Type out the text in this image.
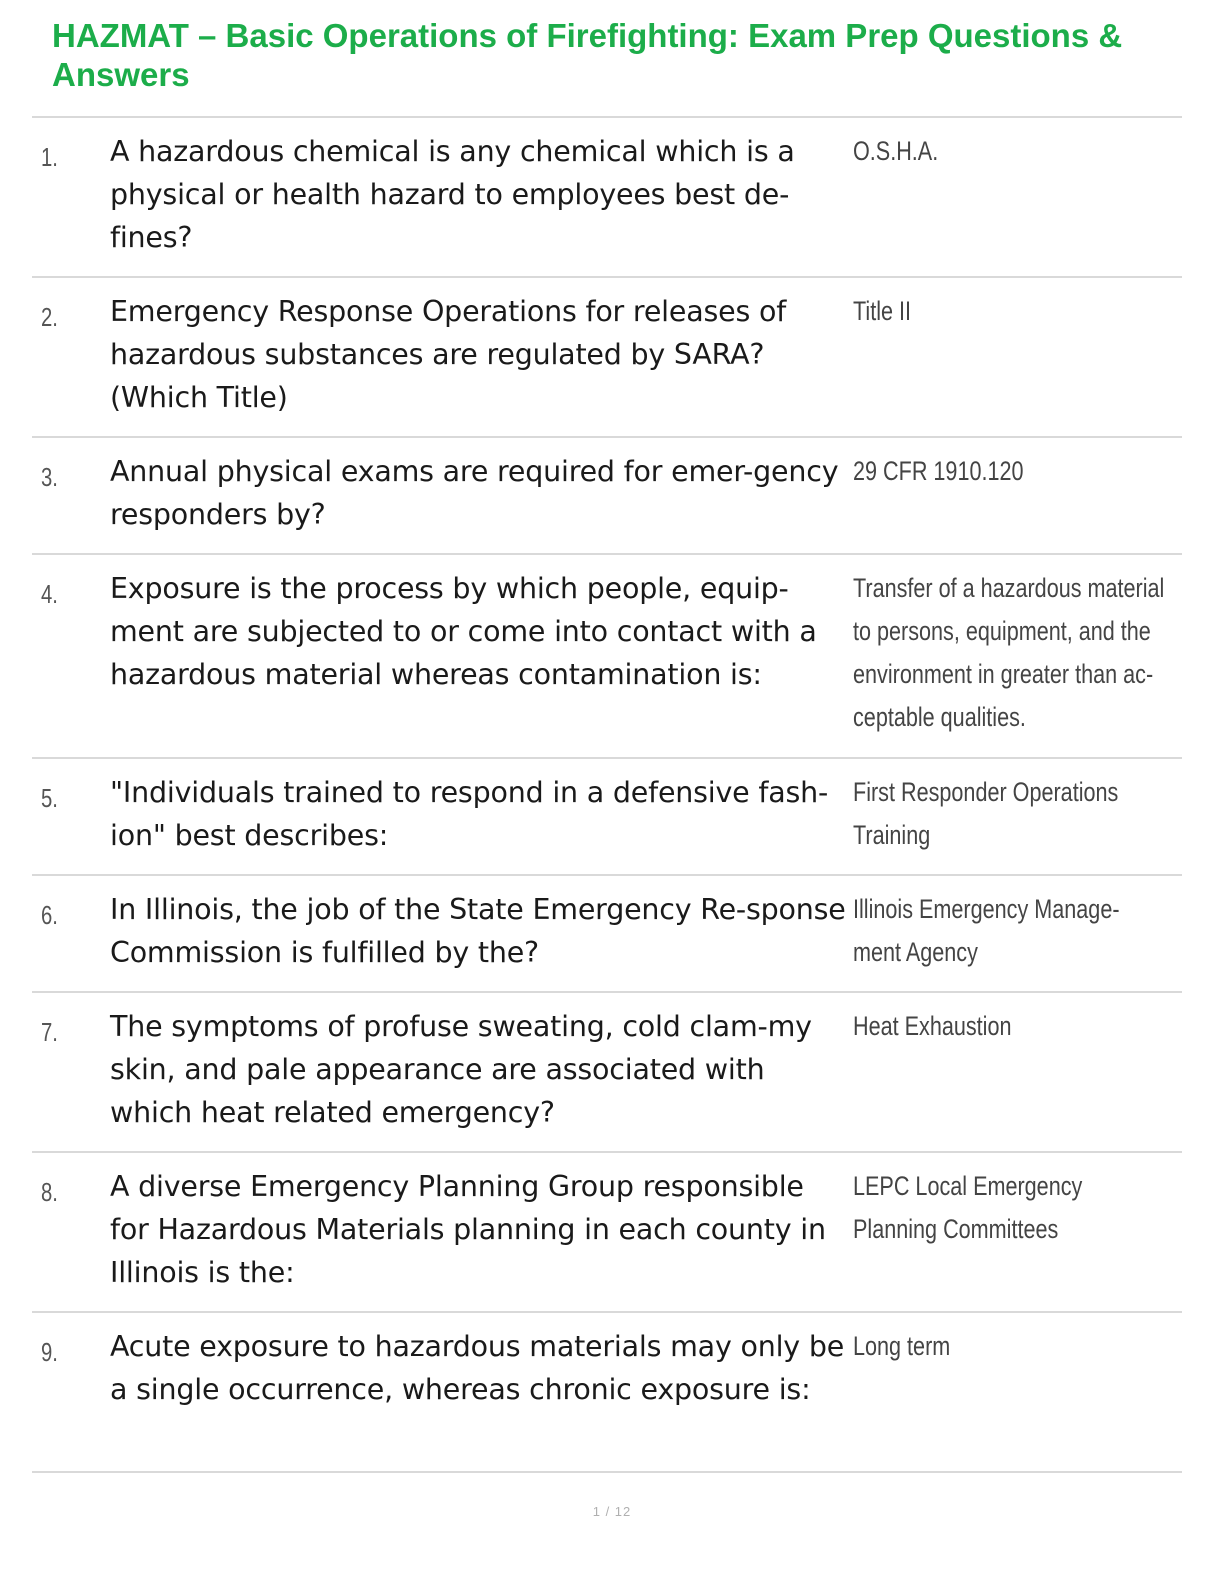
HAZMAT – Basic Operations of Firefighting: Exam Prep Questions & Answers
1. A hazardous chemical is any chemical which is a physical or health hazard to employees best de-fines?
O.S.H.A.
2. Emergency Response Operations for releases of hazardous substances are regulated by SARA? (Which Title)
Title II
3. Annual physical exams are required for emer-gency responders by?
29 CFR 1910.120
4. Exposure is the process by which people, equip-ment are subjected to or come into contact with a hazardous material whereas contamination is:
Transfer of a hazardous material to persons, equipment, and the environment in greater than ac-ceptable qualities.
5. "Individuals trained to respond in a defensive fash-ion" best describes:
First Responder Operations Training
6. In Illinois, the job of the State Emergency Re-sponse Commission is fulfilled by the?
Illinois Emergency Manage-ment Agency
7. The symptoms of profuse sweating, cold clam-my skin, and pale appearance are associated with which heat related emergency?
Heat Exhaustion
8. A diverse Emergency Planning Group responsible for Hazardous Materials planning in each county in Illinois is the:
LEPC Local Emergency Planning Committees
9. Acute exposure to hazardous materials may only be a single occurrence, whereas chronic exposure is:
Long term
1 / 12
